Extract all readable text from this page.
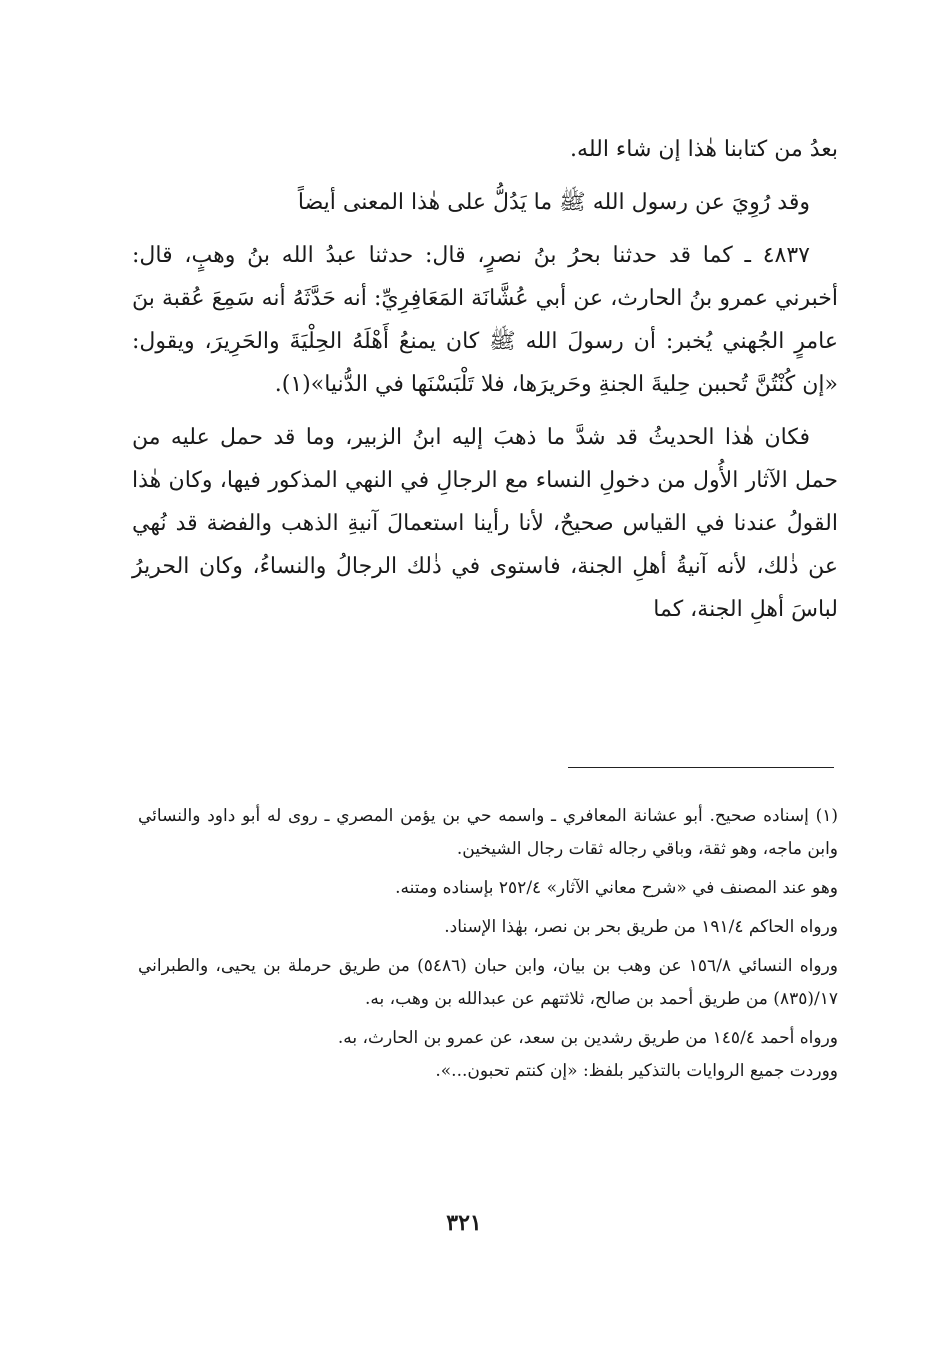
بعدُ من كتابنا هٰذا إن شاء الله.

وقد رُوِيَ عن رسول الله ﷺ ما يَدُلُّ على هٰذا المعنى أيضاً

٤٨٣٧ ـ كما قد حدثنا بحرُ بنُ نصرٍ، قال: حدثنا عبدُ الله بنُ وهبٍ، قال: أخبرني عمرو بنُ الحارث، عن أبي عُشَّانَة المَعَافِرِيِّ: أنه حَدَّثَهُ أنه سَمِعَ عُقبة بنَ عامرٍ الجُهني يُخبر: أن رسولَ الله ﷺ كان يمنعُ أَهْلَهُ الحِلْيَةَ والحَرِيرَ، ويقول: «إن كُنْتُنَّ تُحببن حِليةَ الجنةِ وحَريرَها، فلا تَلْبَسْنَها في الدُّنيا»(١).

فكان هٰذا الحديثُ قد شدَّ ما ذهبَ إليه ابنُ الزبير، وما قد حمل عليه من حمل الآثار الأُول من دخولِ النساء مع الرجالِ في النهي المذكور فيها، وكان هٰذا القولُ عندنا في القياس صحيحٌ، لأنا رأينا استعمالَ آنيةِ الذهب والفضة قد نُهي عن ذٰلك، لأنه آنيةُ أهلِ الجنة، فاستوى في ذٰلك الرجالُ والنساءُ، وكان الحريرُ لباسَ أهلِ الجنة، كما

(١) إسناده صحيح. أبو عشانة المعافري ـ واسمه حي بن يؤمن المصري ـ روى له أبو داود والنسائي وابن ماجه، وهو ثقة، وباقي رجاله ثقات رجال الشيخين.

وهو عند المصنف في «شرح معاني الآثار» ٢٥٢/٤ بإسناده ومتنه.

ورواه الحاكم ١٩١/٤ من طريق بحر بن نصر، بهٰذا الإسناد.

ورواه النسائي ١٥٦/٨ عن وهب بن بيان، وابن حبان (٥٤٨٦) من طريق حرملة بن يحيى، والطبراني ١٧/(٨٣٥) من طريق أحمد بن صالح، ثلاثتهم عن عبدالله بن وهب، به.

ورواه أحمد ١٤٥/٤ من طريق رشدين بن سعد، عن عمرو بن الحارث، به.

ووردت جميع الروايات بالتذكير بلفظ: «إن كنتم تحبون...».

٣٢١
